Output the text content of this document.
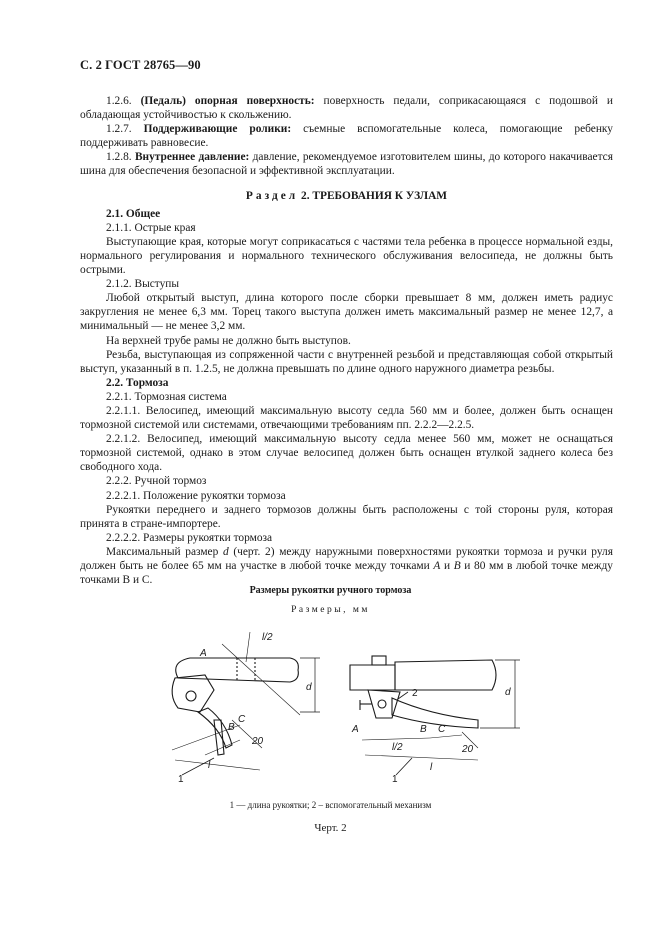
С. 2 ГОСТ 28765—90

1.2.6. (Педаль) опорная поверхность: поверхность педали, соприкасающаяся с подошвой и обладающая устойчивостью к скольжению.

1.2.7. Поддерживающие ролики: съемные вспомогательные колеса, помогающие ребенку поддерживать равновесие.

1.2.8. Внутреннее давление: давление, рекомендуемое изготовителем шины, до которого накачивается шина для обеспечения безопасной и эффективной эксплуатации.

Раздел 2. ТРЕБОВАНИЯ К УЗЛАМ

2.1. Общее

2.1.1. Острые края

Выступающие края, которые могут соприкасаться с частями тела ребенка в процессе нормальной езды, нормального регулирования и нормального технического обслуживания велосипеда, не должны быть острыми.

2.1.2. Выступы

Любой открытый выступ, длина которого после сборки превышает 8 мм, должен иметь радиус закругления не менее 6,3 мм. Торец такого выступа должен иметь максимальный размер не менее 12,7, а минимальный — не менее 3,2 мм.

На верхней трубе рамы не должно быть выступов.

Резьба, выступающая из сопряженной части с внутренней резьбой и представляющая собой открытый выступ, указанный в п. 1.2.5, не должна превышать по длине одного наружного диаметра резьбы.

2.2. Тормоза

2.2.1. Тормозная система

2.2.1.1. Велосипед, имеющий максимальную высоту седла 560 мм и более, должен быть оснащен тормозной системой или системами, отвечающими требованиям пп. 2.2.2—2.2.5.

2.2.1.2. Велосипед, имеющий максимальную высоту седла менее 560 мм, может не оснащаться тормозной системой, однако в этом случае велосипед должен быть оснащен втулкой заднего колеса без свободного хода.

2.2.2. Ручной тормоз

2.2.2.1. Положение рукоятки тормоза

Рукоятки переднего и заднего тормозов должны быть расположены с той стороны руля, которая принята в стране-импортере.

2.2.2.2. Размеры рукоятки тормоза

Максимальный размер d (черт. 2) между наружными поверхностями рукоятки тормоза и ручки руля должен быть не более 65 мм на участке в любой точке между точками A и B и 80 мм в любой точке между точками В и С.

Размеры рукоятки ручного тормоза
Размеры, мм
A
l/2
d
B
C
20
l
1
2	d
A	B C
l/2	20
l
1
1 — длина рукоятки; 2 – вспомогательный механизм
Черт. 2
